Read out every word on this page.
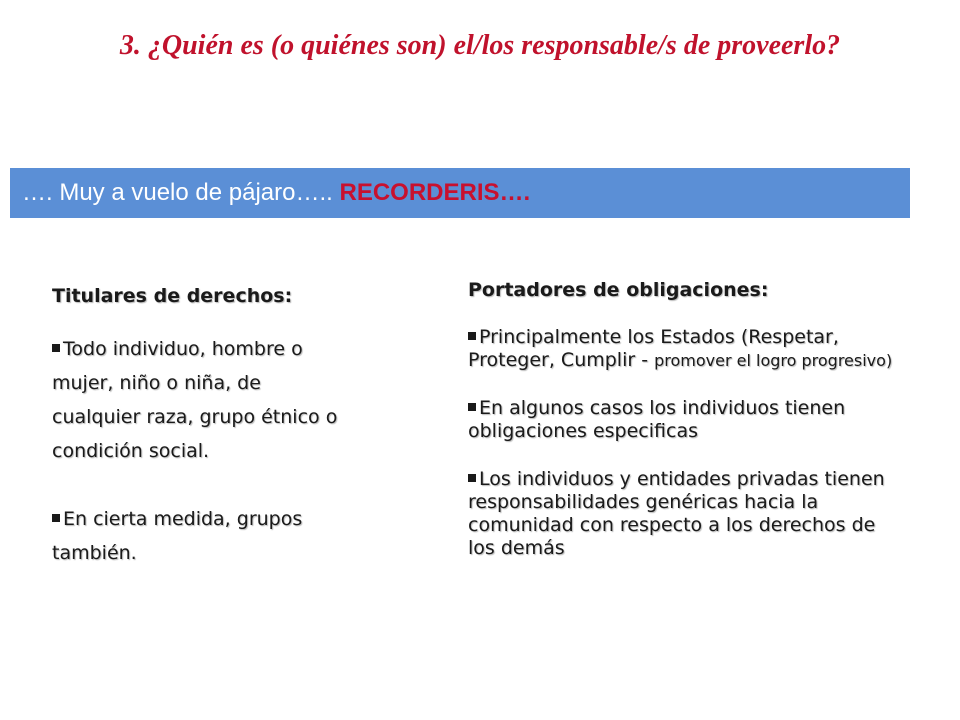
3. ¿Quién es (o quiénes son) el/los responsable/s de proveerlo?
…. Muy a vuelo de pájaro….. RECORDERIS….

Titulares de derechos:

Todo individuo, hombre o mujer, niño o niña, de cualquier raza, grupo étnico o condición social.

En cierta medida, grupos también.

Portadores de obligaciones:

Principalmente los Estados (Respetar, Proteger, Cumplir - promover el logro progresivo)

En algunos casos los individuos tienen obligaciones especificas

Los individuos y entidades privadas tienen responsabilidades genéricas hacia la comunidad con respecto a los derechos de los demás
